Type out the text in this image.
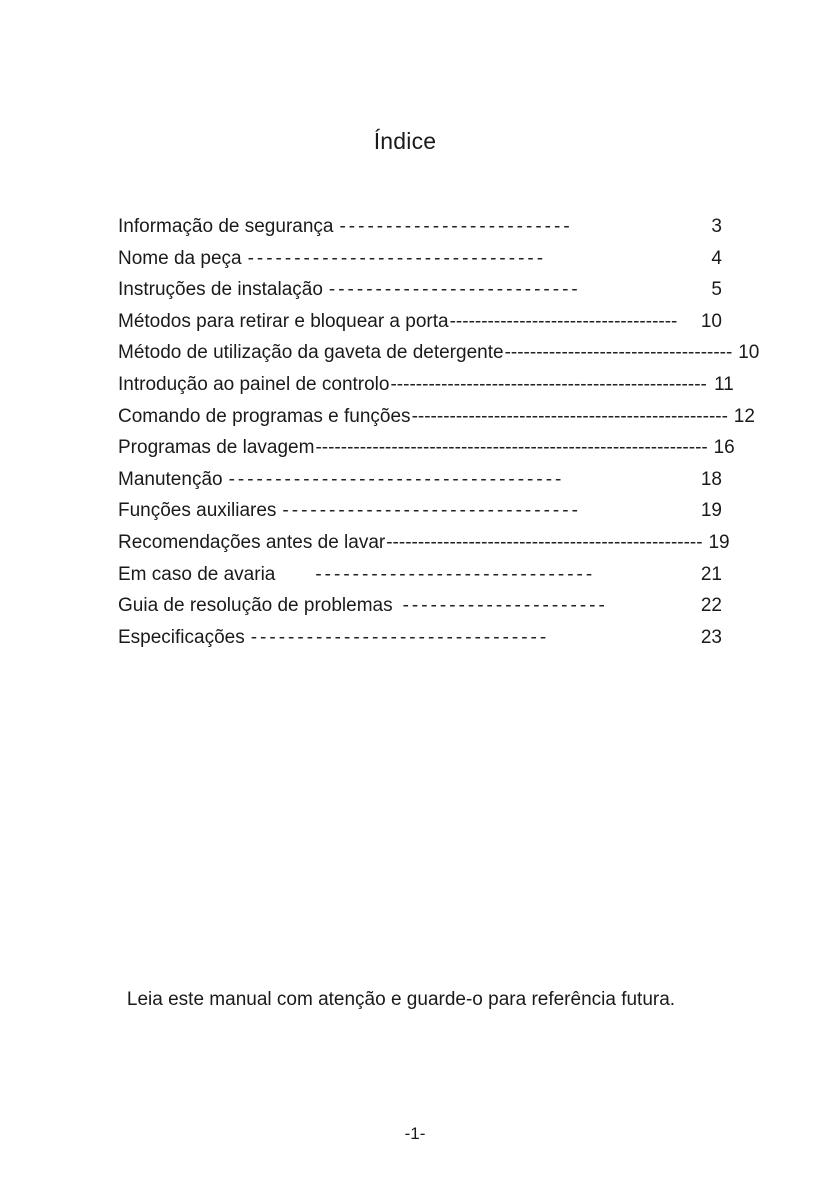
Índice
Informação de segurança -------------------------	3
Nome da peça --------------------------------	4
Instruções de instalação ---------------------------	5
Métodos para retirar e bloquear a porta ------------------------------------	10
Método de utilização da gaveta de detergente ------------------------------------ 10
Introdução ao painel de controlo -------------------------------------------------- 11
Comando de programas e funções -------------------------------------------------- 12
Programas de lavagem -------------------------------------------------------------- 16
Manutenção ------------------------------------	18
Funções auxiliares --------------------------------	19
Recomendações antes de lavar -------------------------------------------------- 19
Em caso de avaria ------------------------------	21
Guia de resolução de problemas ----------------------	22
Especificações --------------------------------	23
Leia este manual com atenção e guarde-o para referência futura.
-1-
